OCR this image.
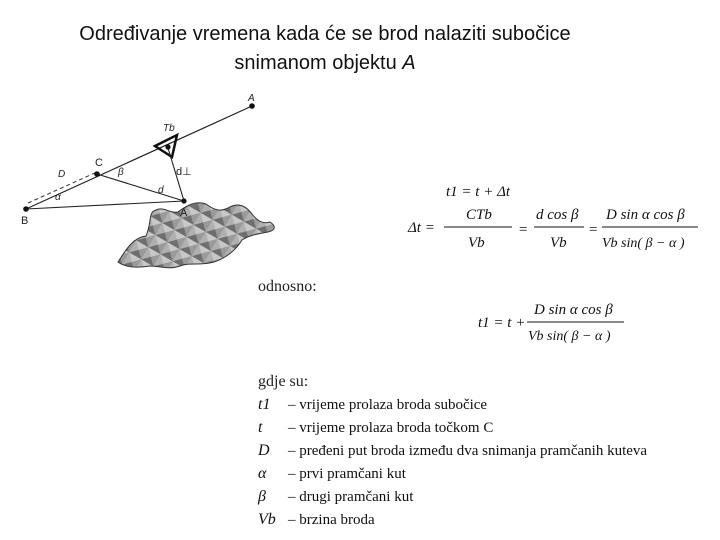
Određivanje vremena kada će se brod nalaziti subočice
snimanom objektu A
A
Tb
D	β
d
α
C
B
A
d⊥
t1 = t + Δt
Δt =
CTb
Vb
=
d cos β
Vb
=
D sin α cos β
Vb sin( β − α )
odnosno:
t1 = t +
D sin α cos β
Vb sin( β − α )
gdje su:
t1	– vrijeme prolaza broda subočice
t	– vrijeme prolaza broda točkom C
D	– pređeni put broda između dva snimanja pramčanih kuteva
α	– prvi pramčani kut
β	– drugi pramčani kut
Vb – brzina broda
